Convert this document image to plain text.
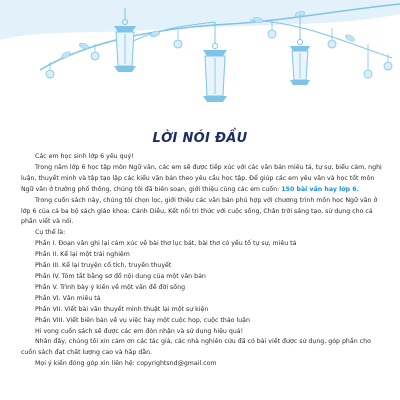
LỜI NÓI ĐẦU

Các em học sinh lớp 6 yêu quý!

Trong năm lớp 6 học tập môn Ngữ văn, các em sẽ được tiếp xúc với các văn bản miêu tả, tự sự, biểu cảm, nghị luận, thuyết minh và tập tạo lập các kiểu văn bản theo yêu cầu học tập. Để giúp các em yêu văn và học tốt môn Ngữ văn ở trường phổ thông, chúng tôi đã biên soạn, giới thiệu cùng các em cuốn: 150 bài văn hay lớp 6.

Trong cuốn sách này, chúng tôi chọn lọc, giới thiệu các văn bản phù hợp với chương trình môn học Ngữ văn ở lớp 6 của cả ba bộ sách giáo khoa: Cánh Diều, Kết nối tri thức với cuộc sống, Chân trời sáng tạo, sử dụng cho cả phần viết và nói.

Cụ thể là:

Phần I. Đoạn văn ghi lại cảm xúc về bài thơ lục bát, bài thơ có yếu tố tự sự, miêu tả

Phần II. Kể lại một trải nghiệm

Phần III. Kể lại truyện cổ tích, truyền thuyết

Phần IV. Tóm tắt bằng sơ đồ nội dung của một văn bản

Phần V. Trình bày ý kiến về một vấn đề đời sống

Phần VI. Văn miêu tả

Phần VII. Viết bài văn thuyết minh thuật lại một sự kiện

Phần VIII. Viết biên bản về vụ việc hay một cuộc họp, cuộc thảo luận

Hi vọng cuốn sách sẽ được các em đón nhận và sử dụng hiệu quả!

Nhân đây, chúng tôi xin cảm ơn các tác giả, các nhà nghiên cứu đã có bài viết được sử dụng, góp phần cho cuốn sách đạt chất lượng cao và hấp dẫn.

Mọi ý kiến đóng góp xin liên hệ: copyrightsnd@gmail.com
